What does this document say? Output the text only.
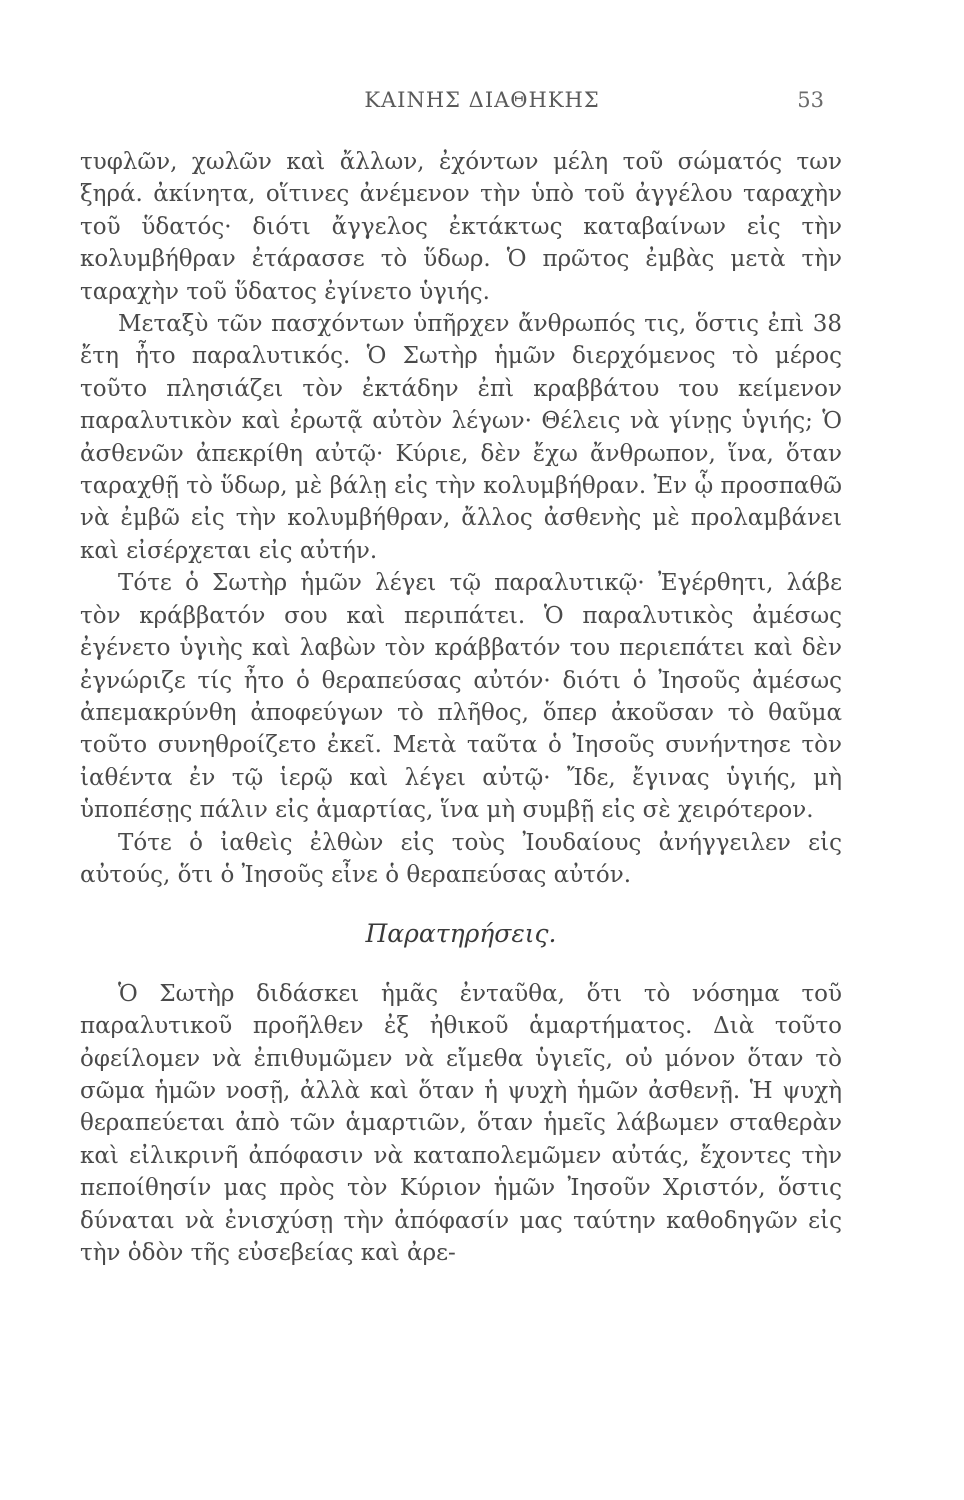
ΚΑΙΝΗΣ ΔΙΑΘΗΚΗΣ	53

τυφλῶν, χωλῶν καὶ ἄλλων, ἐχόντων μέλη τοῦ σώματός των ξηρά. ἀκίνητα, οἵτινες ἀνέμενον τὴν ὑπὸ τοῦ ἀγγέλου ταραχὴν τοῦ ὕδατός· διότι ἄγγελος ἐκτάκτως καταβαίνων εἰς τὴν κολυμβήθραν ἐτάρασσε τὸ ὕδωρ. Ὁ πρῶτος ἐμβὰς μετὰ τὴν ταραχὴν τοῦ ὕδατος ἐγίνετο ὑγιής.

Μεταξὺ τῶν πασχόντων ὑπῆρχεν ἄνθρωπός τις, ὅστις ἐπὶ 38 ἔτη ἦτο παραλυτικός. Ὁ Σωτὴρ ἡμῶν διερχόμενος τὸ μέρος τοῦτο πλησιάζει τὸν ἐκτάδην ἐπὶ κραββάτου του κείμενον παραλυτικὸν καὶ ἐρωτᾷ αὐτὸν λέγων· Θέλεις νὰ γίνῃς ὑγιής; Ὁ ἀσθενῶν ἀπεκρίθη αὐτῷ· Κύριε, δὲν ἔχω ἄνθρωπον, ἵνα, ὅταν ταραχθῇ τὸ ὕδωρ, μὲ βάλῃ εἰς τὴν κολυμβήθραν. Ἐν ᾧ προσπαθῶ νὰ ἐμβῶ εἰς τὴν κολυμβήθραν, ἄλλος ἀσθενὴς μὲ προλαμβάνει καὶ εἰσέρχεται εἰς αὐτήν.

Τότε ὁ Σωτὴρ ἡμῶν λέγει τῷ παραλυτικῷ· Ἐγέρθητι, λάβε τὸν κράββατόν σου καὶ περιπάτει. Ὁ παραλυτικὸς ἀμέσως ἐγένετο ὑγιὴς καὶ λαβὼν τὸν κράββατόν του περιεπάτει καὶ δὲν ἐγνώριζε τίς ἦτο ὁ θεραπεύσας αὐτόν· διότι ὁ Ἰησοῦς ἀμέσως ἀπεμακρύνθη ἀποφεύγων τὸ πλῆθος, ὅπερ ἀκοῦσαν τὸ θαῦμα τοῦτο συνηθροίζετο ἐκεῖ. Μετὰ ταῦτα ὁ Ἰησοῦς συνήντησε τὸν ἰαθέντα ἐν τῷ ἱερῷ καὶ λέγει αὐτῷ· Ἴδε, ἔγινας ὑγιής, μὴ ὑποπέσῃς πάλιν εἰς ἁμαρτίας, ἵνα μὴ συμβῇ εἰς σὲ χειρότερον.

Τότε ὁ ἰαθεὶς ἐλθὼν εἰς τοὺς Ἰουδαίους ἀνήγγειλεν εἰς αὐτούς, ὅτι ὁ Ἰησοῦς εἶνε ὁ θεραπεύσας αὐτόν.

Παρατηρήσεις.

Ὁ Σωτὴρ διδάσκει ἡμᾶς ἐνταῦθα, ὅτι τὸ νόσημα τοῦ παραλυτικοῦ προῆλθεν ἐξ ἠθικοῦ ἁμαρτήματος. Διὰ τοῦτο ὀφείλομεν νὰ ἐπιθυμῶμεν νὰ εἴμεθα ὑγιεῖς, οὐ μόνον ὅταν τὸ σῶμα ἡμῶν νοσῇ, ἀλλὰ καὶ ὅταν ἡ ψυχὴ ἡμῶν ἀσθενῇ. Ἡ ψυχὴ θεραπεύεται ἀπὸ τῶν ἁμαρτιῶν, ὅταν ἡμεῖς λάβωμεν σταθερὰν καὶ εἰλικρινῆ ἀπόφασιν νὰ καταπολεμῶμεν αὐτάς, ἔχοντες τὴν πεποίθησίν μας πρὸς τὸν Κύριον ἡμῶν Ἰησοῦν Χριστόν, ὅστις δύναται νὰ ἐνισχύσῃ τὴν ἀπόφασίν μας ταύτην καθοδηγῶν εἰς τὴν ὁδὸν τῆς εὐσεβείας καὶ ἀρε-
